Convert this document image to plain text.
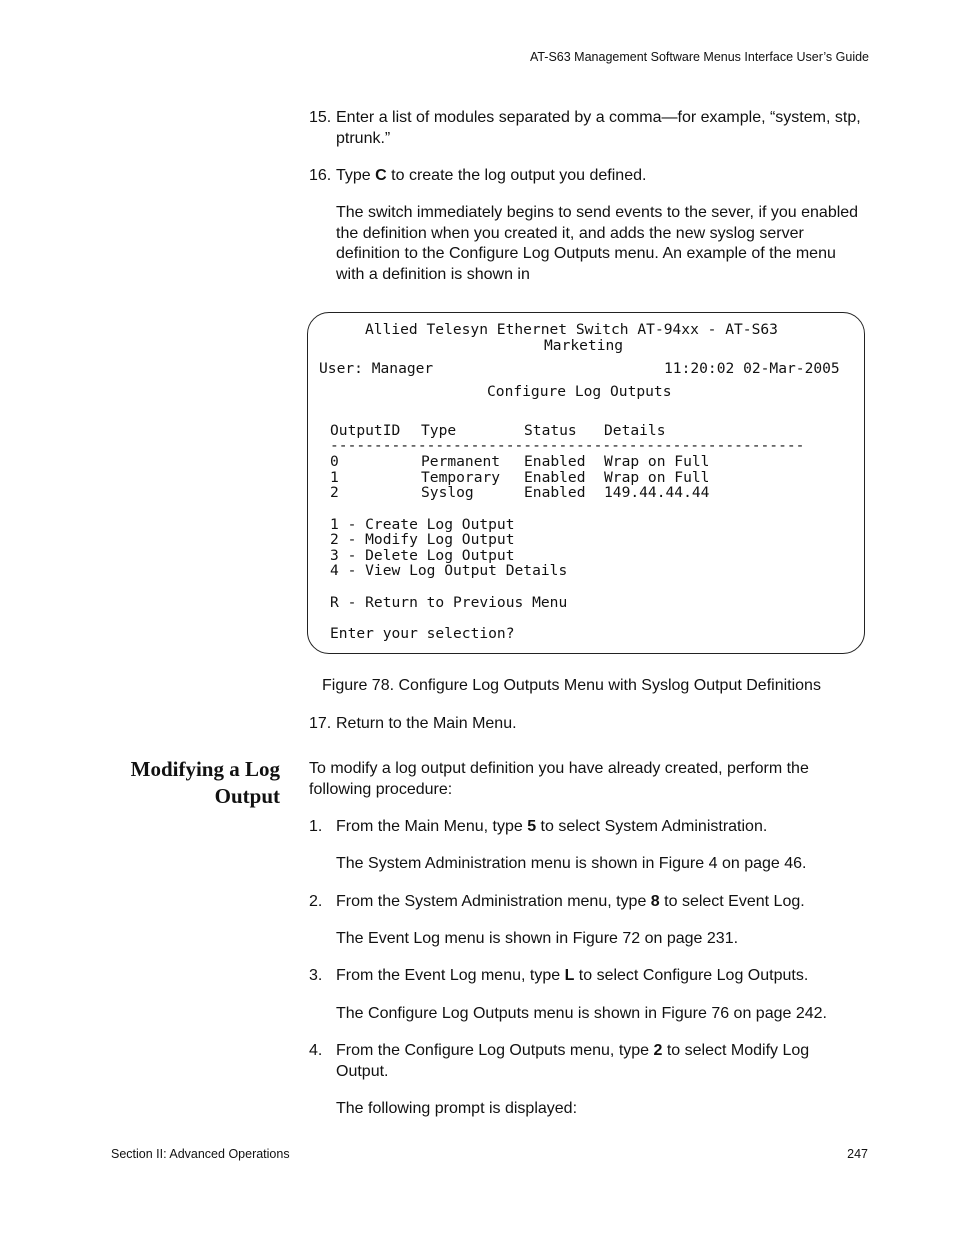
AT-S63 Management Software Menus Interface User’s Guide
15. Enter a list of modules separated by a comma—for example, “system, stp, ptrunk.”
16. Type C to create the log output you defined.
The switch immediately begins to send events to the sever, if you enabled the definition when you created it, and adds the new syslog server definition to the Configure Log Outputs menu. An example of the menu with a definition is shown in
Allied Telesyn Ethernet Switch AT-94xx - AT-S63
Marketing
User: Manager	11:20:02 02-Mar-2005
Configure Log Outputs
OutputID Type	Status Details
------------------------------------------------------
0	Permanent Enabled Wrap on Full
1	Temporary Enabled Wrap on Full
2	Syslog	Enabled 149.44.44.44
1 - Create Log Output
2 - Modify Log Output
3 - Delete Log Output
4 - View Log Output Details
R - Return to Previous Menu
Enter your selection?
Figure 78. Configure Log Outputs Menu with Syslog Output Definitions
17. Return to the Main Menu.
Modifying a Log
Output
To modify a log output definition you have already created, perform the following procedure:
1. From the Main Menu, type 5 to select System Administration.
The System Administration menu is shown in Figure 4 on page 46.
2. From the System Administration menu, type 8 to select Event Log.
The Event Log menu is shown in Figure 72 on page 231.
3. From the Event Log menu, type L to select Configure Log Outputs.
The Configure Log Outputs menu is shown in Figure 76 on page 242.
4. From the Configure Log Outputs menu, type 2 to select Modify Log Output.
The following prompt is displayed:
Section II: Advanced Operations	247
